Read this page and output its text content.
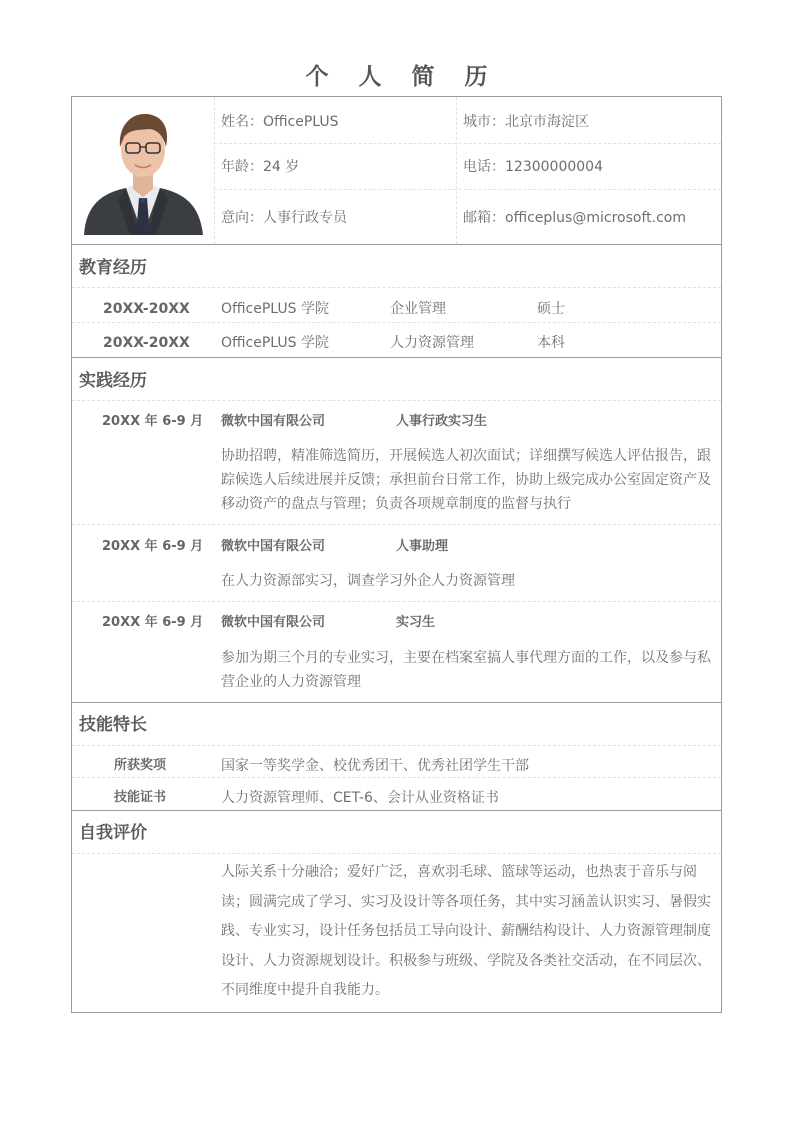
个 人 简 历
姓名：OfficePLUS	城市：北京市海淀区
年龄：24 岁	电话：12300000004
意向：人事行政专员	邮箱：officeplus@microsoft.com
教育经历
20XX-20XX OfficePLUS 学院	企业管理	硕士
20XX-20XX OfficePLUS 学院	人力资源管理	本科
实践经历
20XX 年 6-9 月 微软中国有限公司	人事行政实习生
协助招聘，精准筛选简历，开展候选人初次面试；详细撰写候选人评估报告，跟踪候选人后续进展并反馈；承担前台日常工作，协助上级完成办公室固定资产及移动资产的盘点与管理；负责各项规章制度的监督与执行
20XX 年 6-9 月 微软中国有限公司	人事助理
在人力资源部实习，调查学习外企人力资源管理
20XX 年 6-9 月 微软中国有限公司	实习生
参加为期三个月的专业实习，主要在档案室搞人事代理方面的工作，以及参与私营企业的人力资源管理
技能特长
所获奖项	国家一等奖学金、校优秀团干、优秀社团学生干部
技能证书	人力资源管理师、CET-6、会计从业资格证书
自我评价
人际关系十分融洽；爱好广泛，喜欢羽毛球、篮球等运动，也热衷于音乐与阅读；圆满完成了学习、实习及设计等各项任务，其中实习涵盖认识实习、暑假实践、专业实习，设计任务包括员工导向设计、薪酬结构设计、人力资源管理制度设计、人力资源规划设计。积极参与班级、学院及各类社交活动，在不同层次、不同维度中提升自我能力。
